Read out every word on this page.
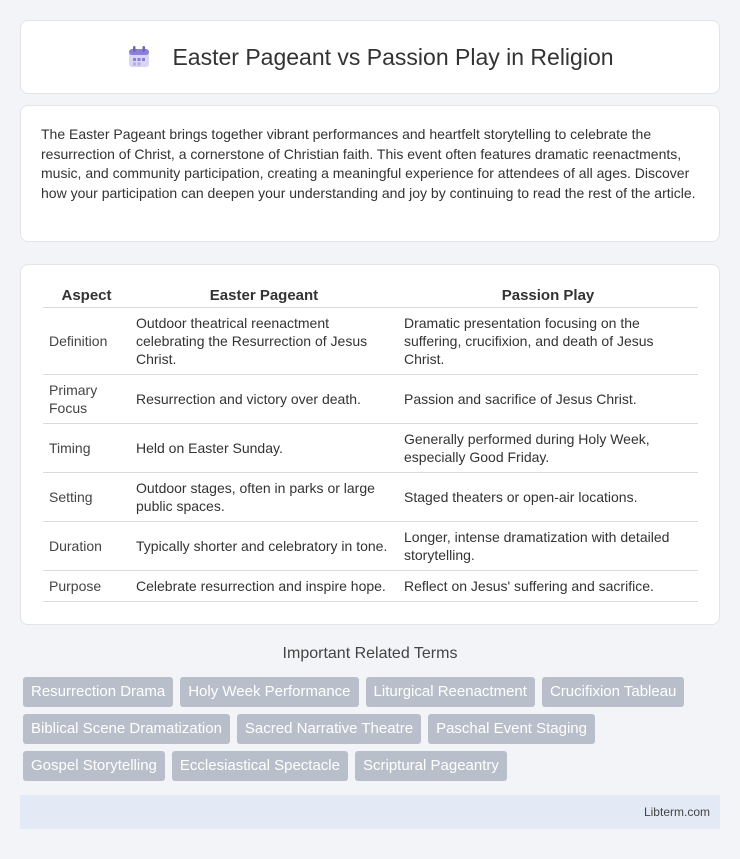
Easter Pageant vs Passion Play in Religion

The Easter Pageant brings together vibrant performances and heartfelt storytelling to celebrate the resurrection of Christ, a cornerstone of Christian faith. This event often features dramatic reenactments, music, and community participation, creating a meaningful experience for attendees of all ages. Discover how your participation can deepen your understanding and joy by continuing to read the rest of the article.

Aspect	Easter Pageant	Passion Play
Definition	Outdoor theatrical reenactment celebrating the Resurrection of Jesus Christ.	Dramatic presentation focusing on the suffering, crucifixion, and death of Jesus Christ.
Primary Focus	Resurrection and victory over death.	Passion and sacrifice of Jesus Christ.
Timing	Held on Easter Sunday.	Generally performed during Holy Week, especially Good Friday.
Setting	Outdoor stages, often in parks or large public spaces.	Staged theaters or open-air locations.
Duration	Typically shorter and celebratory in tone.	Longer, intense dramatization with detailed storytelling.
Purpose	Celebrate resurrection and inspire hope.	Reflect on Jesus' suffering and sacrifice.
Important Related Terms
Resurrection Drama	Holy Week Performance	Liturgical Reenactment	Crucifixion Tableau
Biblical Scene Dramatization	Sacred Narrative Theatre	Paschal Event Staging
Gospel Storytelling	Ecclesiastical Spectacle	Scriptural Pageantry
Libterm.com
